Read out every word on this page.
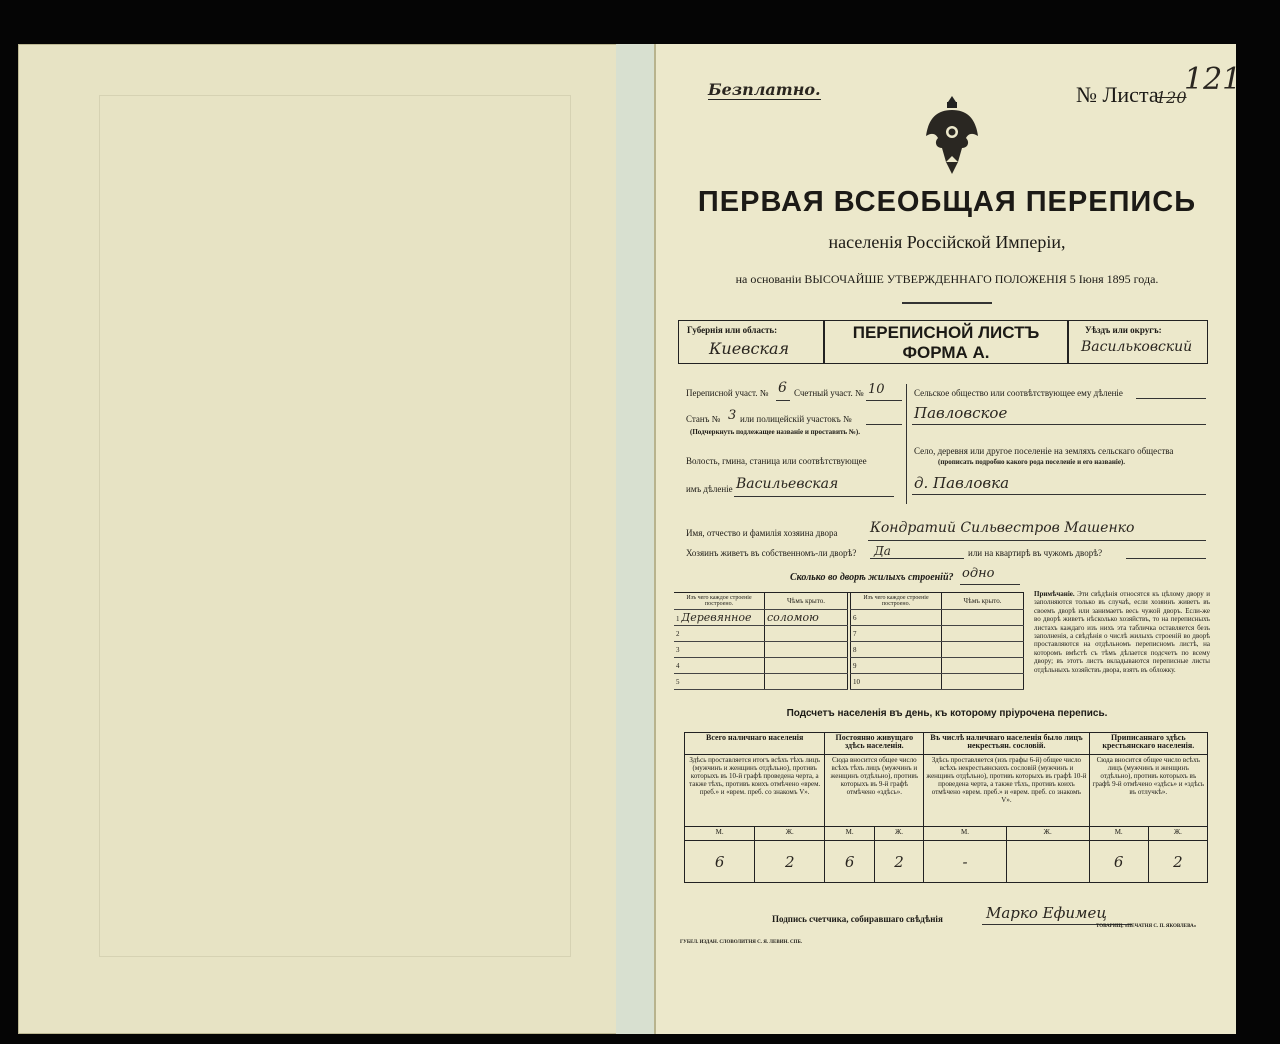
Безплатно.	№ Листа
120
121
ПЕРВАЯ ВСЕОБЩАЯ ПЕРЕПИСЬ
населенія Россійской Имперіи,
на основаніи ВЫСОЧАЙШЕ УТВЕРЖДЕННАГО ПОЛОЖЕНІЯ 5 Іюня 1895 года.
Губернія или область:
Киевская
ПЕРЕПИСНОЙ ЛИСТЪ
ФОРМА А.
Уѣздъ или округъ:
Васильковский
Переписной участ. № 6 Счетный участ. № 10
Станъ № 3 или полицейскій участокъ №
(Подчеркнуть подлежащее названіе и проставить №).
Волость, гмина, станица или соотвѣтствующее
имъ дѣленіе Васильевская
Сельское общество или соотвѣтствующее ему дѣленіе
Павловское
Село, деревня или другое поселеніе на земляхъ сельскаго общества
(прописать подробно какого рода поселеніе и его названіе).
д. Павловка
Имя, отчество и фамилія хозяина двора Кондратий Сильвестров Машенко
Хозяинъ живетъ въ собственномъ-ли дворѣ? Да	или на квартирѣ въ чужомъ дворѣ?
Сколько во дворѣ жилыхъ строеній? одно
Изъ чего каждое строеніе построено.	Чѣмъ крыто.
1 Деревянное	соломою
2	
3	
4	
5	
Изъ чего каждое строеніе построено.	Чѣмъ крыто.
6	
7	
8	
9	
10	
Примѣчаніе. Эти свѣдѣнія относятся къ цѣлому двору и заполняются только въ случаѣ, если хозяинъ живетъ въ своемъ дворѣ или занимаетъ весь чужой дворъ. Если-же во дворѣ живетъ нѣсколько хозяйствъ, то на переписныхъ листахъ каждаго изъ нихъ эта табличка оставляется безъ заполненія, а свѣдѣнія о числѣ жилыхъ строеній во дворѣ проставляются на отдѣльномъ переписномъ листѣ, на которомъ вмѣстѣ съ тѣмъ дѣлается подсчетъ по всему двору; въ этотъ листъ вкладываются переписные листы отдѣльныхъ хозяйствъ двора, взятъ въ обложку.
Подсчетъ населенія въ день, къ которому пріурочена перепись.
Всего наличнаго населенія		Постоянно живущаго здѣсь населенія.		Въ числѣ наличнаго населенія было лицъ некрестьян. сословій.		Приписаннаго здѣсь крестьянскаго населенія.	
Здѣсь проставляется итогъ всѣхъ тѣхъ лицъ (мужчинъ и женщинъ отдѣльно), противъ которыхъ въ 10-й графѣ проведена черта, а также тѣхъ, противъ коихъ отмѣчено «врем. преб.» и «врем. преб. со знакомъ V».		Сюда вносится общее число всѣхъ тѣхъ лицъ (мужчинъ и женщинъ отдѣльно), противъ которыхъ въ 9-й графѣ отмѣчено «здѣсь».		Здѣсь проставляется (изъ графы 6-й) общее число всѣхъ некрестьянскихъ сословій (мужчинъ и женщинъ отдѣльно), противъ которыхъ въ графѣ 10-й проведена черта, а также тѣхъ, противъ коихъ отмѣчено «врем. преб.» и «врем. преб. со знакомъ V».		Сюда вносится общее число всѣхъ лицъ (мужчинъ и женщинъ отдѣльно), противъ которыхъ въ графѣ 9-й отмѣчено «здѣсь» и «здѣсь въ отлучкѣ».	
М.	Ж.	М.	Ж.	М.	Ж.	М.	Ж.
6	2	6	2	-		6	2
Подпись счетчика, собиравшаго свѣдѣнія	Марко Ефимец
ГУБЕЛ. ИЗДАН. СЛОВОЛИТНЯ С. Я. ЛЕВИН. СПБ.
ТОВАРИЩ. «ПЕЧАТНЯ С. П. ЯКОВЛЕВА»
